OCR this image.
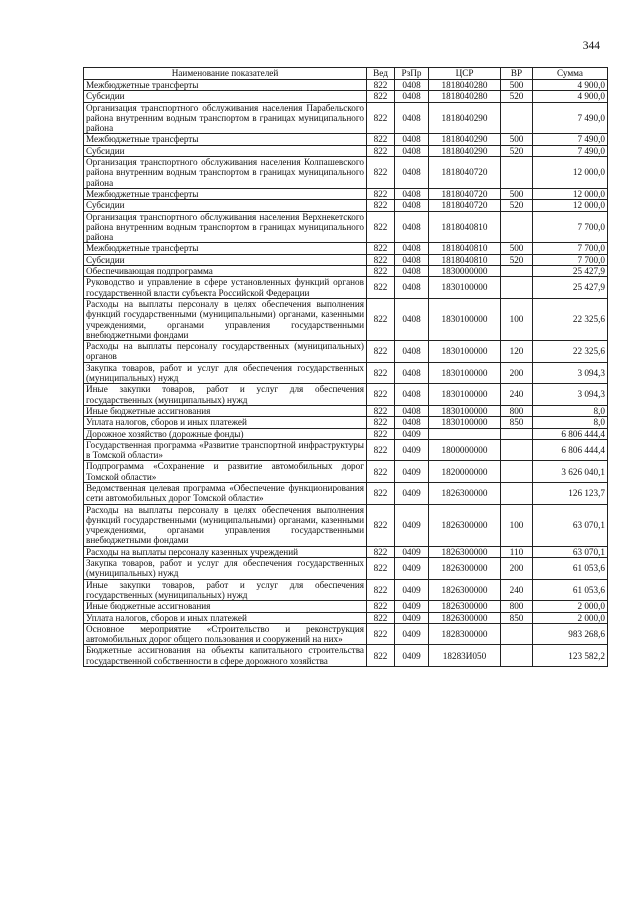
344
Наименование показателей	Вед	РзПр	ЦСР	ВР	Сумма
Межбюджетные трансферты	822	0408	1818040280	500	4 900,0
Субсидии	822	0408	1818040280	520	4 900,0
Организация транспортного обслуживания населения Парабельского района внутренним водным транспортом в границах муниципального района	822	0408	1818040290		7 490,0
Межбюджетные трансферты	822	0408	1818040290	500	7 490,0
Субсидии	822	0408	1818040290	520	7 490,0
Организация транспортного обслуживания населения Колпашевского района внутренним водным транспортом в границах муниципального района	822	0408	1818040720		12 000,0
Межбюджетные трансферты	822	0408	1818040720	500	12 000,0
Субсидии	822	0408	1818040720	520	12 000,0
Организация транспортного обслуживания населения Верхнекетского района внутренним водным транспортом в границах муниципального района	822	0408	1818040810		7 700,0
Межбюджетные трансферты	822	0408	1818040810	500	7 700,0
Субсидии	822	0408	1818040810	520	7 700,0
Обеспечивающая подпрограмма	822	0408	1830000000		25 427,9
Руководство и управление в сфере установленных функций органов государственной власти субъекта Российской Федерации	822	0408	1830100000		25 427,9
Расходы на выплаты персоналу в целях обеспечения выполнения функций государственными (муниципальными) органами, казенными учреждениями, органами управления государственными внебюджетными фондами	822	0408	1830100000	100	22 325,6
Расходы на выплаты персоналу государственных (муниципальных) органов	822	0408	1830100000	120	22 325,6
Закупка товаров, работ и услуг для обеспечения государственных (муниципальных) нужд	822	0408	1830100000	200	3 094,3
Иные закупки товаров, работ и услуг для обеспечения государственных (муниципальных) нужд	822	0408	1830100000	240	3 094,3
Иные бюджетные ассигнования	822	0408	1830100000	800	8,0
Уплата налогов, сборов и иных платежей	822	0408	1830100000	850	8,0
Дорожное хозяйство (дорожные фонды)	822	0409			6 806 444,4
Государственная программа «Развитие транспортной инфраструктуры в Томской области»	822	0409	1800000000		6 806 444,4
Подпрограмма «Сохранение и развитие автомобильных дорог Томской области»	822	0409	1820000000		3 626 040,1
Ведомственная целевая программа «Обеспечение функционирования сети автомобильных дорог Томской области»	822	0409	1826300000		126 123,7
Расходы на выплаты персоналу в целях обеспечения выполнения функций государственными (муниципальными) органами, казенными учреждениями, органами управления государственными внебюджетными фондами	822	0409	1826300000	100	63 070,1
Расходы на выплаты персоналу казенных учреждений	822	0409	1826300000	110	63 070,1
Закупка товаров, работ и услуг для обеспечения государственных (муниципальных) нужд	822	0409	1826300000	200	61 053,6
Иные закупки товаров, работ и услуг для обеспечения государственных (муниципальных) нужд	822	0409	1826300000	240	61 053,6
Иные бюджетные ассигнования	822	0409	1826300000	800	2 000,0
Уплата налогов, сборов и иных платежей	822	0409	1826300000	850	2 000,0
Основное мероприятие «Строительство и реконструкция автомобильных дорог общего пользования и сооружений на них»	822	0409	1828300000		983 268,6
Бюджетные ассигнования на объекты капитального строительства государственной собственности в сфере дорожного хозяйства	822	0409	18283И050		123 582,2
